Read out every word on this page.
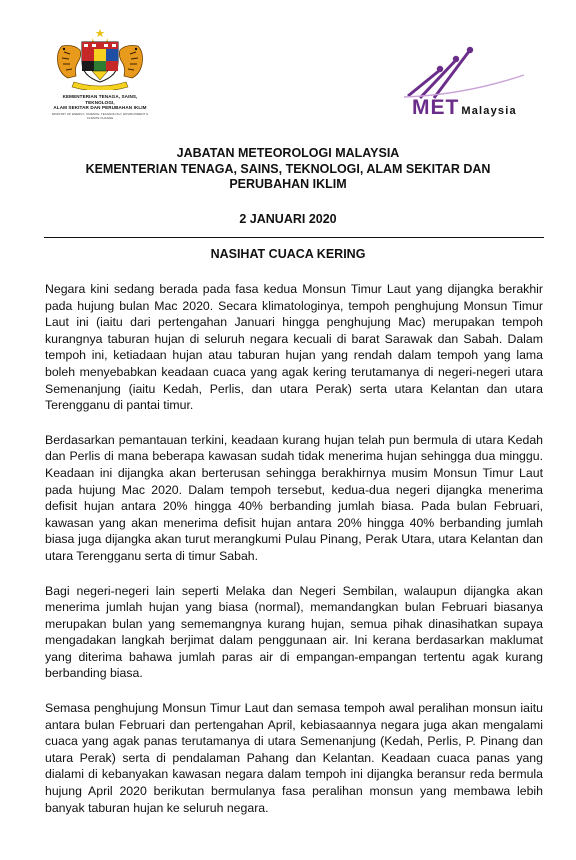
KEMENTERIAN TENAGA, SAINS, TEKNOLOGI,
ALAM SEKITAR DAN PERUBAHAN IKLIM
MINISTRY OF ENERGY, SCIENCE, TECHNOLOGY, ENVIRONMENT & CLIMATE CHANGE	MET Malaysia
JABATAN METEOROLOGI MALAYSIA
KEMENTERIAN TENAGA, SAINS, TEKNOLOGI, ALAM SEKITAR DAN
PERUBAHAN IKLIM
2 JANUARI 2020
NASIHAT CUACA KERING

Negara kini sedang berada pada fasa kedua Monsun Timur Laut yang dijangka berakhir pada hujung bulan Mac 2020. Secara klimatologinya, tempoh penghujung Monsun Timur Laut ini (iaitu dari pertengahan Januari hingga penghujung Mac) merupakan tempoh kurangnya taburan hujan di seluruh negara kecuali di barat Sarawak dan Sabah. Dalam tempoh ini, ketiadaan hujan atau taburan hujan yang rendah dalam tempoh yang lama boleh menyebabkan keadaan cuaca yang agak kering terutamanya di negeri-negeri utara Semenanjung (iaitu Kedah, Perlis, dan utara Perak) serta utara Kelantan dan utara Terengganu di pantai timur.

Berdasarkan pemantauan terkini, keadaan kurang hujan telah pun bermula di utara Kedah dan Perlis di mana beberapa kawasan sudah tidak menerima hujan sehingga dua minggu. Keadaan ini dijangka akan berterusan sehingga berakhirnya musim Monsun Timur Laut pada hujung Mac 2020. Dalam tempoh tersebut, kedua-dua negeri dijangka menerima defisit hujan antara 20% hingga 40% berbanding jumlah biasa. Pada bulan Februari, kawasan yang akan menerima defisit hujan antara 20% hingga 40% berbanding jumlah biasa juga dijangka akan turut merangkumi Pulau Pinang, Perak Utara, utara Kelantan dan utara Terengganu serta di timur Sabah.

Bagi negeri-negeri lain seperti Melaka dan Negeri Sembilan, walaupun dijangka akan menerima jumlah hujan yang biasa (normal), memandangkan bulan Februari biasanya merupakan bulan yang sememangnya kurang hujan, semua pihak dinasihatkan supaya mengadakan langkah berjimat dalam penggunaan air. Ini kerana berdasarkan maklumat yang diterima bahawa jumlah paras air di empangan-empangan tertentu agak kurang berbanding biasa.

Semasa penghujung Monsun Timur Laut dan semasa tempoh awal peralihan monsun iaitu antara bulan Februari dan pertengahan April, kebiasaannya negara juga akan mengalami cuaca yang agak panas terutamanya di utara Semenanjung (Kedah, Perlis, P. Pinang dan utara Perak) serta di pendalaman Pahang dan Kelantan. Keadaan cuaca panas yang dialami di kebanyakan kawasan negara dalam tempoh ini dijangka beransur reda bermula hujung April 2020 berikutan bermulanya fasa peralihan monsun yang membawa lebih banyak taburan hujan ke seluruh negara.
